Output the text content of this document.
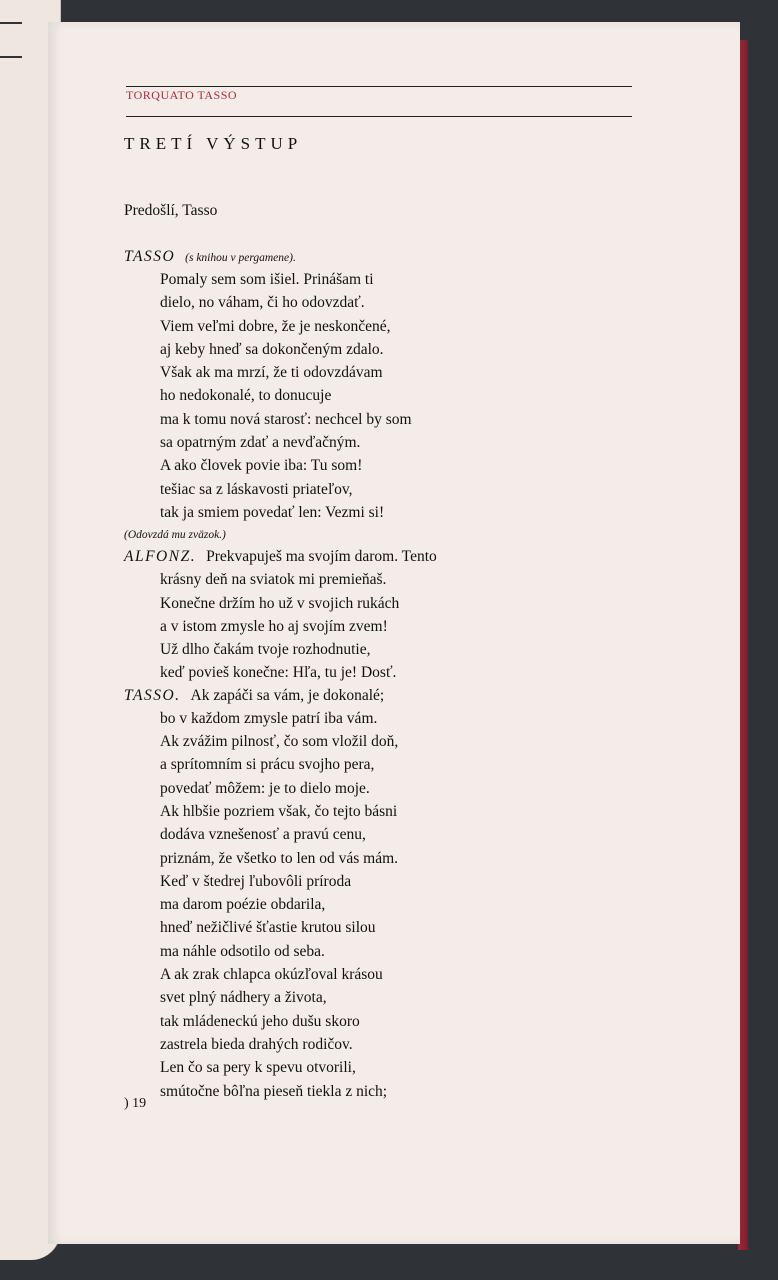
TORQUATO TASSO
TRETÍ VÝSTUP
Predošlí, Tasso
TASSO (s knihou v pergamene).
Pomaly sem som išiel. Prinášam ti
dielo, no váham, či ho odovzdať.
Viem veľmi dobre, že je neskončené,
aj keby hneď sa dokončeným zdalo.
Však ak ma mrzí, že ti odovzdávam
ho nedokonalé, to donucuje
ma k tomu nová starosť: nechcel by som
sa opatrným zdať a nevďačným.
A ako človek povie iba: Tu som!
tešiac sa z láskavosti priateľov,
tak ja smiem povedať len: Vezmi si!
(Odovzdá mu zväzok.)
ALFONZ. Prekvapuješ ma svojím darom. Tento
krásny deň na sviatok mi premieňaš.
Konečne držím ho už v svojich rukách
a v istom zmysle ho aj svojím zvem!
Už dlho čakám tvoje rozhodnutie,
keď povieš konečne: Hľa, tu je! Dosť.
TASSO. Ak zapáči sa vám, je dokonalé;
bo v každom zmysle patrí iba vám.
Ak zvážim pilnosť, čo som vložil doň,
a sprítomním si prácu svojho pera,
povedať môžem: je to dielo moje.
Ak hlbšie pozriem však, čo tejto básni
dodáva vznešenosť a pravú cenu,
priznám, že všetko to len od vás mám.
Keď v štedrej ľubovôli príroda
ma darom poézie obdarila,
hneď nežičlivé šťastie krutou silou
ma náhle odsotilo od seba.
A ak zrak chlapca okúzľoval krásou
svet plný nádhery a života,
tak mládeneckú jeho dušu skoro
zastrela bieda drahých rodičov.
Len čo sa pery k spevu otvorili,
smútočne bôľna pieseň tiekla z nich;
) 19
